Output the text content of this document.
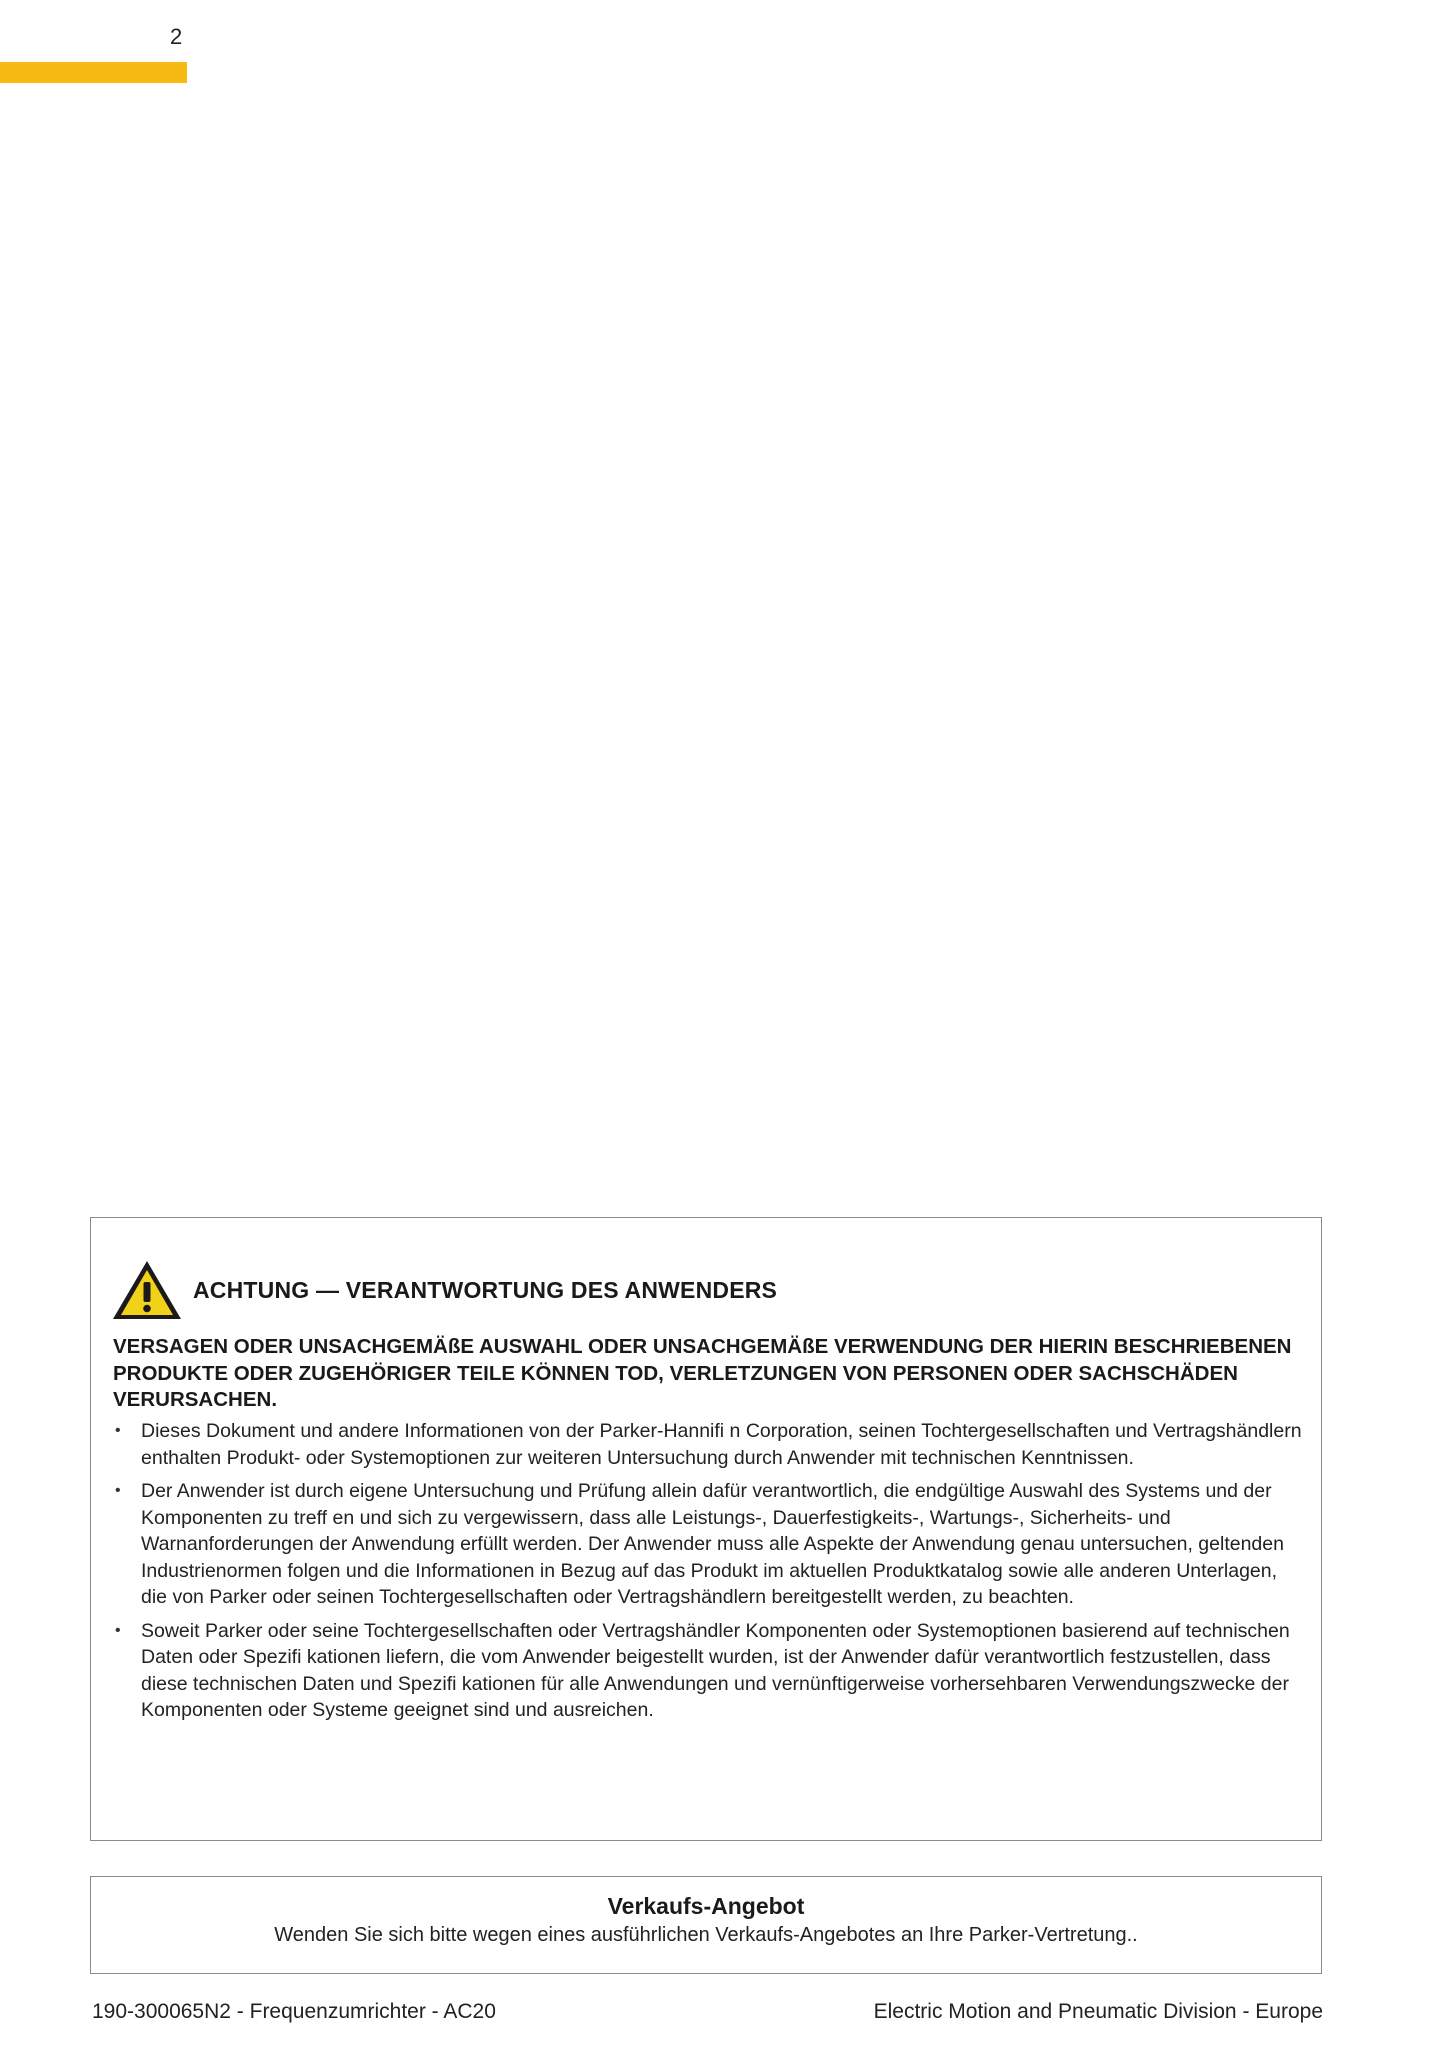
2
ACHTUNG — VERANTWORTUNG DES ANWENDERS
VERSAGEN ODER UNSACHGEMÄßE AUSWAHL ODER UNSACHGEMÄßE VERWENDUNG DER HIERIN BESCHRIEBENEN PRODUKTE ODER ZUGEHÖRIGER TEILE KÖNNEN TOD, VERLETZUNGEN VON PERSONEN ODER SACHSCHÄDEN VERURSACHEN.
• Dieses Dokument und andere Informationen von der Parker-Hannifi n Corporation, seinen Tochtergesellschaften und Vertragshändlern enthalten Produkt- oder Systemoptionen zur weiteren Untersuchung durch Anwender mit technischen Kenntnissen.
• Der Anwender ist durch eigene Untersuchung und Prüfung allein dafür verantwortlich, die endgültige Auswahl des Systems und der Komponenten zu treff en und sich zu vergewissern, dass alle Leistungs-, Dauerfestigkeits-, Wartungs-, Sicherheits- und Warnanforderungen der Anwendung erfüllt werden. Der Anwender muss alle Aspekte der Anwendung genau untersuchen, geltenden Industrienormen folgen und die Informationen in Bezug auf das Produkt im aktuellen Produktkatalog sowie alle anderen Unterlagen, die von Parker oder seinen Tochtergesellschaften oder Vertragshändlern bereitgestellt werden, zu beachten.
• Soweit Parker oder seine Tochtergesellschaften oder Vertragshändler Komponenten oder Systemoptionen basierend auf technischen Daten oder Spezifi kationen liefern, die vom Anwender beigestellt wurden, ist der Anwender dafür verantwortlich festzustellen, dass diese technischen Daten und Spezifi kationen für alle Anwendungen und vernünftigerweise vorhersehbaren Verwendungszwecke der Komponenten oder Systeme geeignet sind und ausreichen.
Verkaufs-Angebot
Wenden Sie sich bitte wegen eines ausführlichen Verkaufs-Angebotes an Ihre Parker-Vertretung..
190-300065N2 - Frequenzumrichter - AC20	Electric Motion and Pneumatic Division - Europe
